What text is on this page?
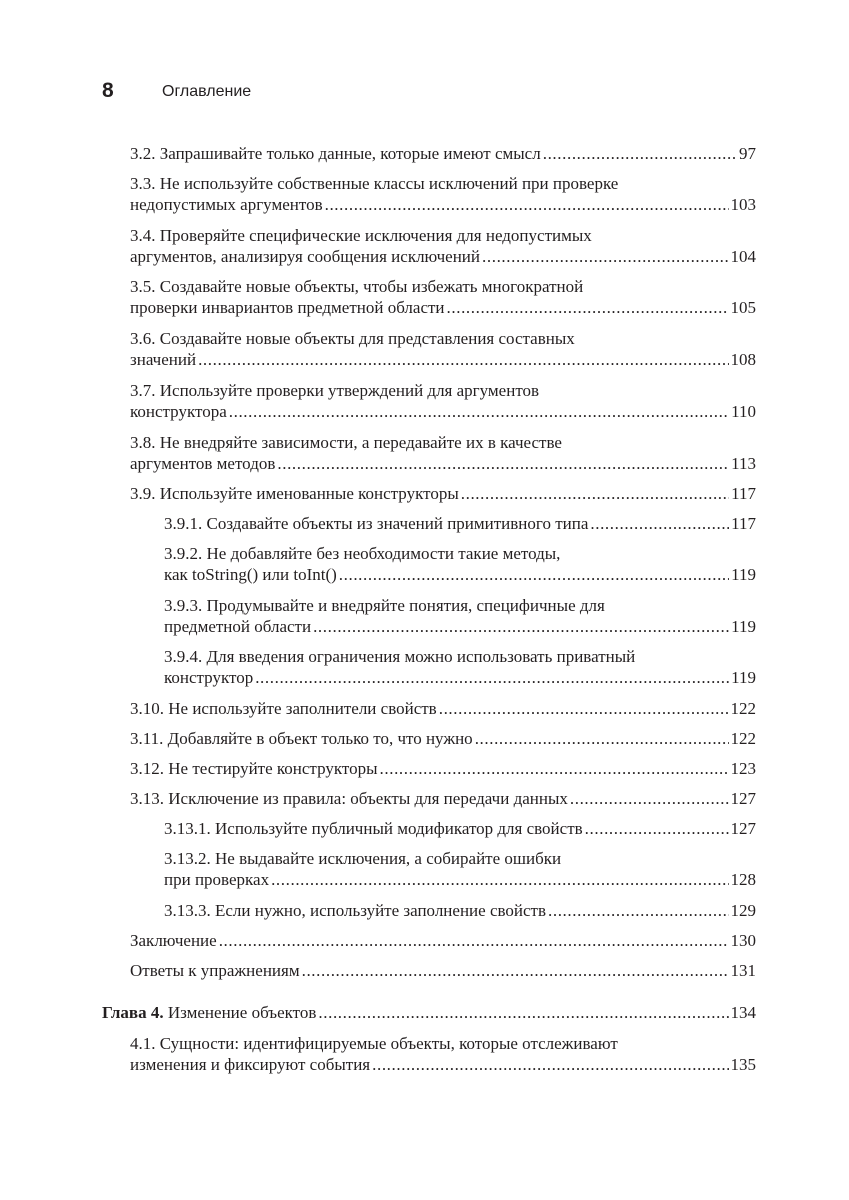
8	Оглавление
3.2. Запрашивайте только данные, которые имеют смысл .....	97
3.3. Не используйте собственные классы исключений при проверке
недопустимых аргументов .....	103
3.4. Проверяйте специфические исключения для недопустимых
аргументов, анализируя сообщения исключений .....	104
3.5. Создавайте новые объекты, чтобы избежать многократной
проверки инвариантов предметной области .....	105
3.6. Создавайте новые объекты для представления составных
значений .....	108
3.7. Используйте проверки утверждений для аргументов
конструктора .....	110
3.8. Не внедряйте зависимости, а передавайте их в качестве
аргументов методов .....	113
3.9. Используйте именованные конструкторы .....	117
3.9.1. Создавайте объекты из значений примитивного типа .....	117
3.9.2. Не добавляйте без необходимости такие методы,
как toString() или toInt() .....	119
3.9.3. Продумывайте и внедряйте понятия, специфичные для
предметной области .....	119
3.9.4. Для введения ограничения можно использовать приватный
конструктор .....	119
3.10. Не используйте заполнители свойств .....	122
3.11. Добавляйте в объект только то, что нужно .....	122
3.12. Не тестируйте конструкторы .....	123
3.13. Исключение из правила: объекты для передачи данных .....	127
3.13.1. Используйте публичный модификатор для свойств .....	127
3.13.2. Не выдавайте исключения, а собирайте ошибки
при проверках .....	128
3.13.3. Если нужно, используйте заполнение свойств .....	129
Заключение .....	130
Ответы к упражнениям .....	131
Глава 4. Изменение объектов .....	134
4.1. Сущности: идентифицируемые объекты, которые отслеживают
изменения и фиксируют события .....	135
